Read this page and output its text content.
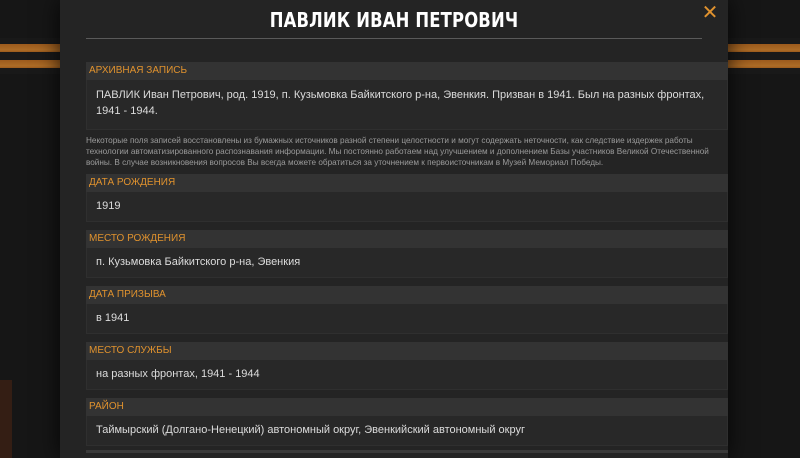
ПАВЛИК ИВАН ПЕТРОВИЧ	✕
АРХИВНАЯ ЗАПИСЬ
ПАВЛИК Иван Петрович, род. 1919, п. Кузьмовка Байкитского р-на, Эвенкия. Призван в 1941. Был на разных фронтах, 1941 - 1944.
Некоторые поля записей восстановлены из бумажных источников разной степени целостности и могут содержать неточности, как следствие издержек работы технологии автоматизированного распознавания информации. Мы постоянно работаем над улучшением и дополнением Базы участников Великой Отечественной войны. В случае возникновения вопросов Вы всегда можете обратиться за уточнением к первоисточникам в Музей Мемориал Победы.
ДАТА РОЖДЕНИЯ
1919
МЕСТО РОЖДЕНИЯ
п. Кузьмовка Байкитского р-на, Эвенкия
ДАТА ПРИЗЫВА
в 1941
МЕСТО СЛУЖБЫ
на разных фронтах, 1941 - 1944
РАЙОН
Таймырский (Долгано-Ненецкий) автономный округ, Эвенкийский автономный округ
